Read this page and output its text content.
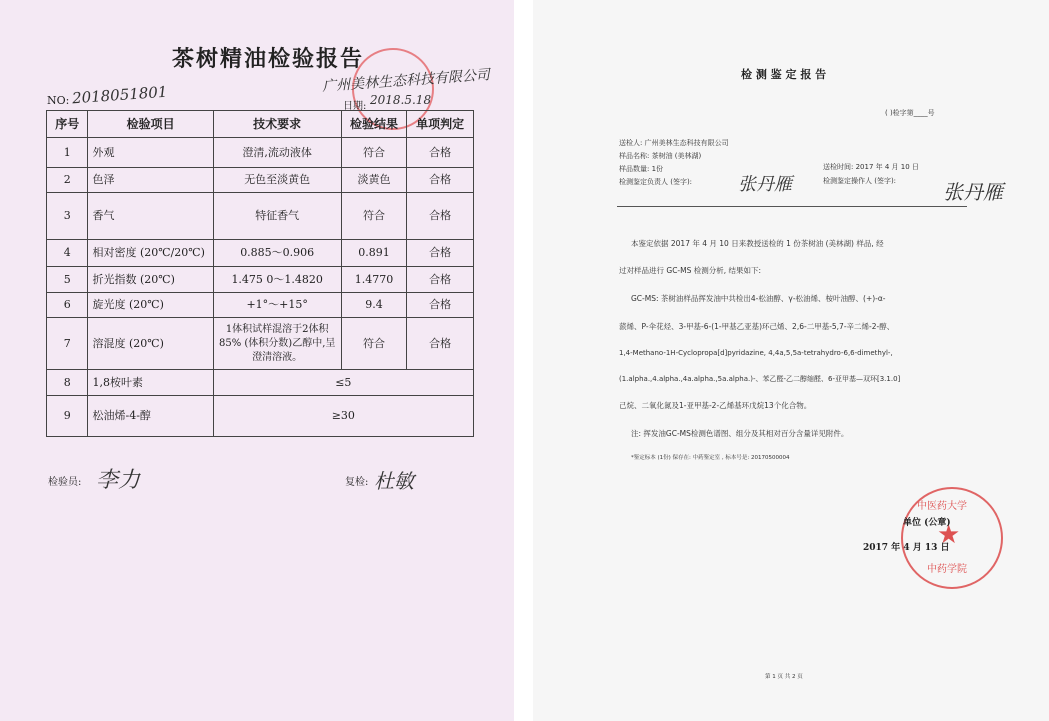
茶树精油检验报告
广州美林生态科技有限公司
NO: 2018051801	日期: 2018.5.18
序号	检验项目	技术要求	检验结果	单项判定
1	外观	澄清,流动液体	符合	合格
2	色泽	无色至淡黄色	淡黄色	合格
3	香气	特征香气	符合	合格
4	相对密度 (20℃/20℃)	0.885～0.906	0.891	合格
5	折光指数 (20℃)	1.475 0～1.4820	1.4770	合格
6	旋光度 (20℃)	+1°～+15°	9.4	合格
7	溶混度 (20℃)	1体积试样混溶于2体积85% (体积分数)乙醇中,呈澄清溶液。	符合	合格
8	1,8桉叶素	≤5		
9	松油烯-4-醇	≥30		
检验员: 李力	复检: 杜敏
检 测 鉴 定 报 告
( )检字第____号
送检人: 广州美林生态科技有限公司
样品名称: 茶树油 (美林湖)
样品数量: 1份	送检时间: 2017 年 4 月 10 日
检测鉴定负责人 (签字):	张丹雁	检测鉴定操作人 (签字): 张丹雁
本鉴定依据 2017 年 4 月 10 日来教授送检的 1 份茶树油 (美林湖) 样品, 经
过对样品进行 GC-MS 检测分析, 结果如下:
GC-MS: 茶树油样品挥发油中共检出4-松油醇、γ-松油烯、桉叶油醇、(+)-α-
蒎烯、P-伞花烃、3-甲基-6-(1-甲基乙亚基)环己烯、2,6-二甲基-5,7-辛二烯-2-醇、
1,4-Methano-1H-Cyclopropa[d]pyridazine, 4,4a,5,5a-tetrahydro-6,6-dimethyl-,
(1.alpha.,4.alpha.,4a.alpha.,5a.alpha.)-、苯乙醛-乙二醇缩醛、6-亚甲基—双环[3.1.0]
己烷、二氧化氮及1-亚甲基-2-乙烯基环戊烷13个化合物。
注: 挥发油GC-MS检测色谱图、组分及其相对百分含量详见附件。
*鉴定标本 (1份) 保存在: 中药鉴定室 , 标本号是: 20170500004
★
中医药大学
中药学院
单位 (公章)
2017 年 4 月 13 日
第 1 页 共 2 页
